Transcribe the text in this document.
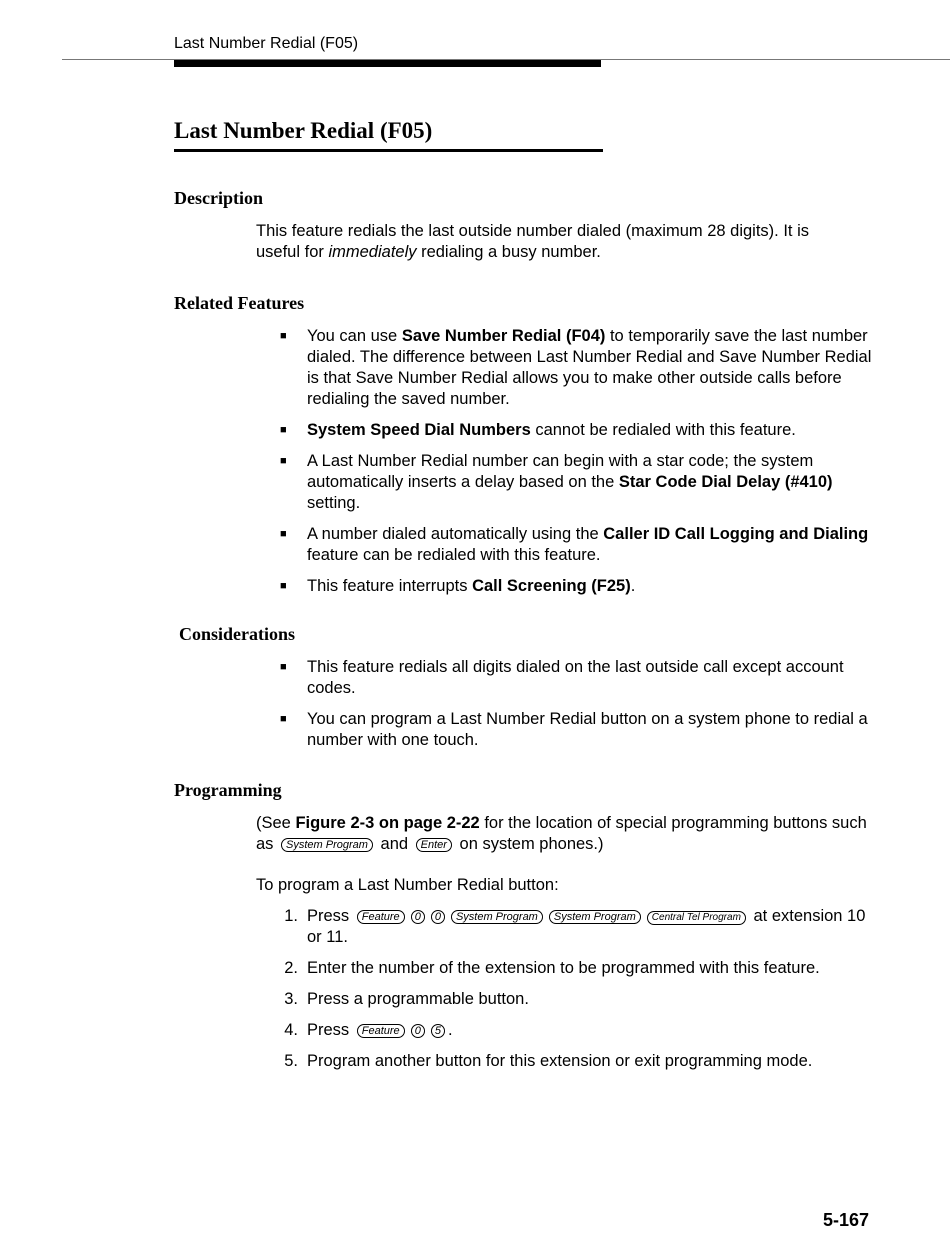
Last Number Redial (F05)
Last Number Redial (F05)
Description
This feature redials the last outside number dialed (maximum 28 digits). It is
useful for immediately redialing a busy number.
Related Features
■ You can use Save Number Redial (F04) to temporarily save the last number dialed. The difference between Last Number Redial and Save Number Redial is that Save Number Redial allows you to make other outside calls before redialing the saved number.
■ System Speed Dial Numbers cannot be redialed with this feature.
■ A Last Number Redial number can begin with a star code; the system automatically inserts a delay based on the Star Code Dial Delay (#410) setting.
■ A number dialed automatically using the Caller ID Call Logging and Dialing feature can be redialed with this feature.
■ This feature interrupts Call Screening (F25).
Considerations
■ This feature redials all digits dialed on the last outside call except account codes.
■ You can program a Last Number Redial button on a system phone to redial a number with one touch.
Programming
(See Figure 2-3 on page 2-22 for the location of special programming buttons such
as System Program and Enter on system phones.)
To program a Last Number Redial button:
1. Press Feature 0 0 System Program System Program Central Tel Program at extension 10 or 11.
2. Enter the number of the extension to be programmed with this feature.
3. Press a programmable button.
4. Press Feature 0 5 .
5. Program another button for this extension or exit programming mode.
5-167
